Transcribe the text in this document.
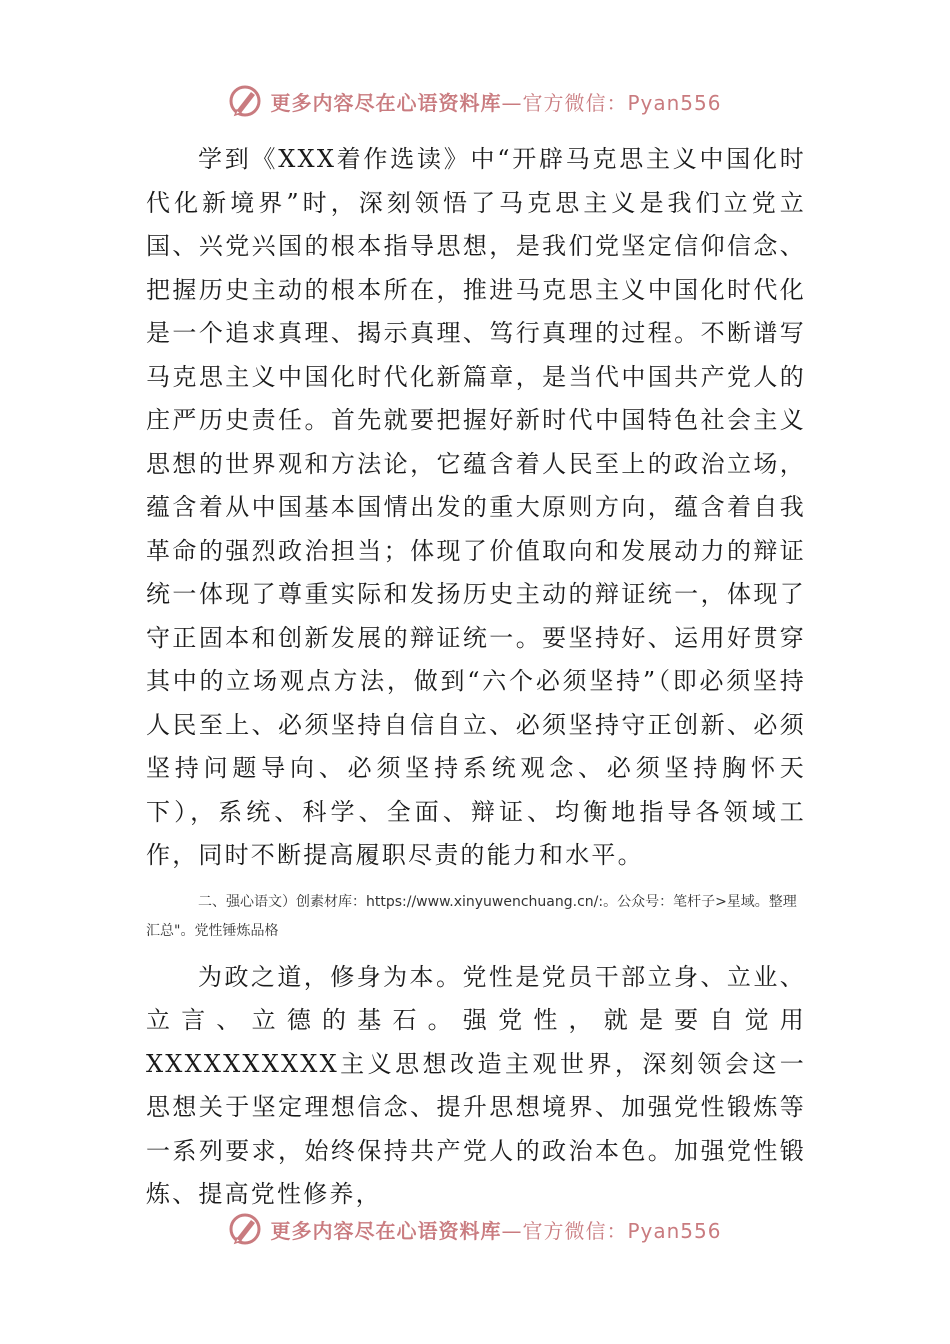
更多内容尽在心语资料库—官方微信：Pyan556

学到《XXX着作选读》中“开辟马克思主义中国化时代化新境界”时，深刻领悟了马克思主义是我们立党立国、兴党兴国的根本指导思想，是我们党坚定信仰信念、把握历史主动的根本所在，推进马克思主义中国化时代化是一个追求真理、揭示真理、笃行真理的过程。不断谱写马克思主义中国化时代化新篇章，是当代中国共产党人的庄严历史责任。首先就要把握好新时代中国特色社会主义思想的世界观和方法论，它蕴含着人民至上的政治立场，蕴含着从中国基本国情出发的重大原则方向，蕴含着自我革命的强烈政治担当；体现了价值取向和发展动力的辩证统一体现了尊重实际和发扬历史主动的辩证统一，体现了守正固本和创新发展的辩证统一。要坚持好、运用好贯穿其中的立场观点方法，做到“六个必须坚持”（即必须坚持人民至上、必须坚持自信自立、必须坚持守正创新、必须坚持问题导向、必须坚持系统观念、必须坚持胸怀天下），系统、科学、全面、辩证、均衡地指导各领域工作，同时不断提高履职尽责的能力和水平。

二、强心语文）创素材库：https://www.xinyuwenchuang.cn/:。公众号：笔杆子>星域。整理汇总"。党性锤炼品格

为政之道，修身为本。党性是党员干部立身、立业、立言、立德的基石。强党性，就是要自觉用XXXXXXXXXX主义思想改造主观世界，深刻领会这一思想关于坚定理想信念、提升思想境界、加强党性锻炼等一系列要求，始终保持共产党人的政治本色。加强党性锻炼、提高党性修养，

更多内容尽在心语资料库—官方微信：Pyan556
